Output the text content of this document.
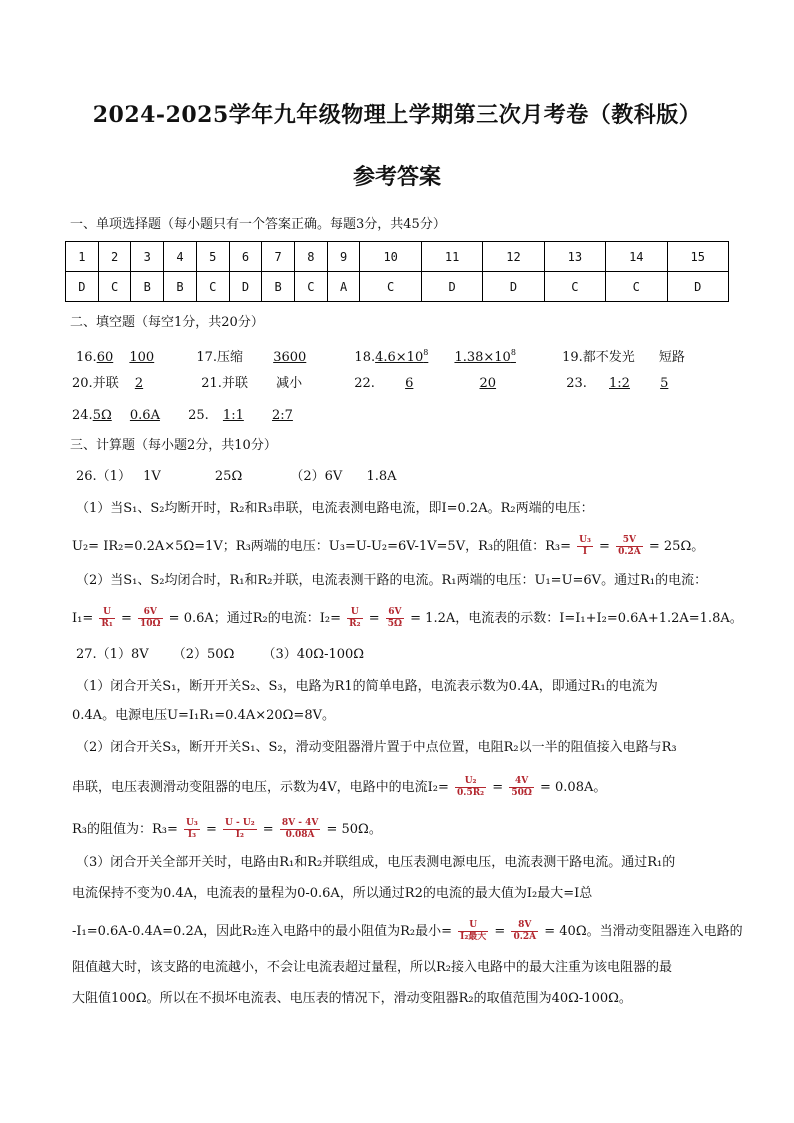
2024-2025学年九年级物理上学期第三次月考卷（教科版）
参考答案
一、单项选择题（每小题只有一个答案正确。每题3分，共45分）
1	2	3	4	5	6	7	8	9	10	11	12	13	14	15
D	C	B	B	C	D	B	C	A	C	D	D	C	C	D
二、填空题（每空1分，共20分）
16.60 100	17.压缩 3600	$18.4.6\times 10^8$ $1.38\times 10^8$	19.都不发光 短路
20.并联 2	21.并联 减小	22. 6	20	23. 1:2 5
24.5Ω 0.6A 25. 1:1 2:7
三、计算题（每小题2分，共10分）
26.（1） 1V	25Ω	（2）6V 1.8A
（1）当S₁、S₂均断开时，R₂和R₃串联，电流表测电路电流，即I=0.2A。R₂两端的电压：
U₂= IR₂=0.2A×5Ω=1V；R₃两端的电压：U₃=U-U₂=6V-1V=5V，R₃的阻值：$R_3= \frac{\text{U₃}}{I} = \frac{5V}{0.2A} = 25\Omega$。
（2）当S₁、S₂均闭合时，R₁和R₂并联，电流表测干路的电流。R₁两端的电压：U₁=U=6V。通过R₁的电流：
$I_1= \frac{U}{\text{R₁}} = \frac{6V}{10\Omega} = 0.6A$；通过R₂的电流：$I_2= \frac{U}{\text{R₂}} = \frac{6V}{5\Omega} = 1.2A$，电流表的示数：I=I₁+I₂=0.6A+1.2A=1.8A。
27.（1）8V （2）50Ω （3）40Ω-100Ω
（1）闭合开关S₁，断开开关S₂、S₃，电路为R1的简单电路，电流表示数为0.4A，即通过R₁的电流为
0.4A。电源电压U=I₁R₁=0.4A×20Ω=8V。
（2）闭合开关S₃，断开开关S₁、S₂，滑动变阻器滑片置于中点位置，电阻R₂以一半的阻值接入电路与R₃
串联，电压表测滑动变阻器的电压，示数为4V，电路中的电流$I_2= \frac{\text{U₂}}{\text{0.5R₂}} = \frac{4V}{50\Omega} = 0.08A$。
R₃的阻值为：$R_3= \frac{\text{U₃}}{\text{I₃}} = \frac{\text{U - U₂}}{\text{I₂}} = \frac{8V - 4V}{0.08A} = 50\Omega$。
（3）闭合开关全部开关时，电路由R₁和R₂并联组成，电压表测电源电压，电流表测干路电流。通过R₁的
电流保持不变为0.4A，电流表的量程为0-0.6A，所以通过R2的电流的最大值为I₂最大=I总
-I₁=0.6A-0.4A=0.2A，因此R₂连入电路中的最小阻值为R₂最小= $\frac{U}{\text{I₂最大}} = \frac{8V}{0.2A} = 40\Omega$。当滑动变阻器连入电路的
阻值越大时，该支路的电流越小，不会让电流表超过量程，所以R₂接入电路中的最大注重为该电阻器的最
大阻值100Ω。所以在不损坏电流表、电压表的情况下，滑动变阻器R₂的取值范围为40Ω-100Ω。
